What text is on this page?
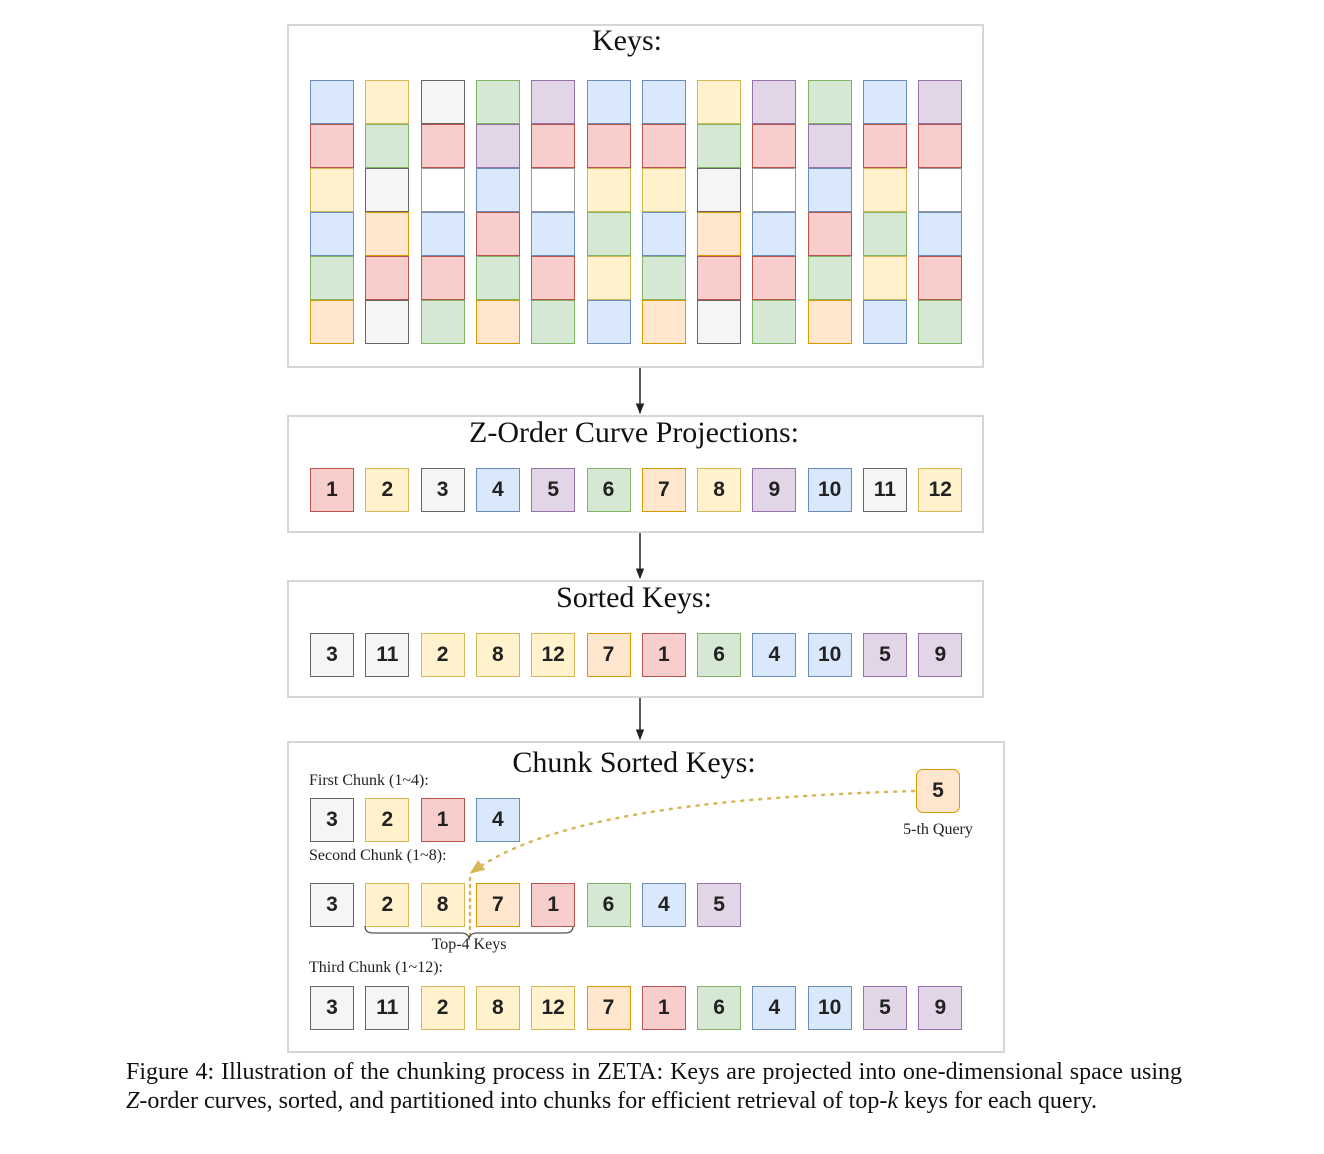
Keys:
Z-Order Curve Projections:
1	2	3	4	5	6	7	8	9	10	11	12
Sorted Keys:
3	11	2	8	12	7	1	6	4	10	5	9
Chunk Sorted Keys:
First Chunk (1~4):
3	2	1	4
Second Chunk (1~8):
3	2	8	7	1	6	4	5
Third Chunk (1~12):
3	11	2	8	12	7	1	6	4	10	5	9
5
5-th Query
Top-4 Keys
Figure 4: Illustration of the chunking process in ZETA: Keys are projected into one-dimensional space using Z-order curves, sorted, and partitioned into chunks for efficient retrieval of top-k keys for each query.
